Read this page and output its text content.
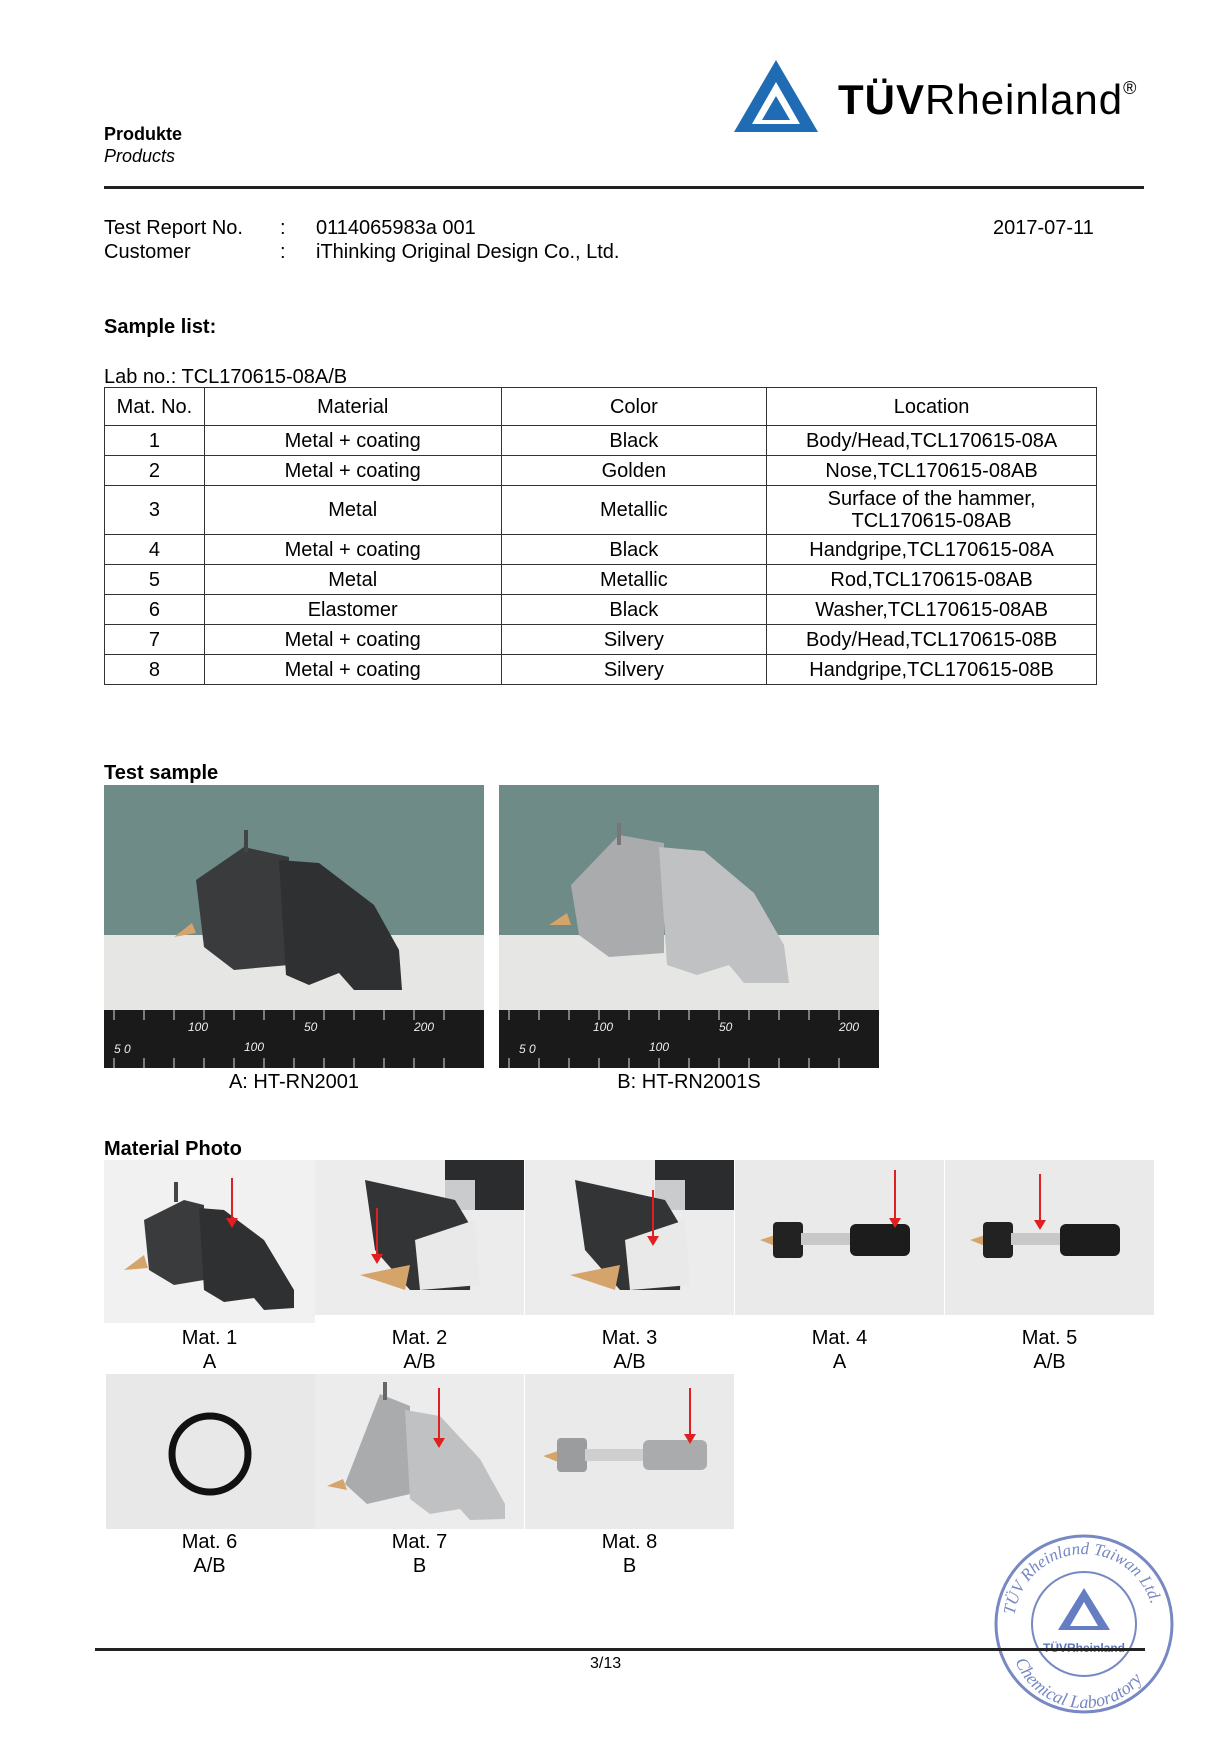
Produkte
Products
TÜVRheinland®
Test Report No. : 0114065983a 001	2017-07-11
Customer	: iThinking Original Design Co., Ltd.
Sample list:
Lab no.: TCL170615-08A/B
Mat. No.	Material	Color	Location
1	Metal + coating	Black	Body/Head,TCL170615-08A
2	Metal + coating	Golden	Nose,TCL170615-08AB
3	Metal	Metallic	Surface of the hammer,
TCL170615-08AB
4	Metal + coating	Black	Handgripe,TCL170615-08A
5	Metal	Metallic	Rod,TCL170615-08AB
6	Elastomer	Black	Washer,TCL170615-08AB
7	Metal + coating	Silvery	Body/Head,TCL170615-08B
8	Metal + coating	Silvery	Handgripe,TCL170615-08B
Test sample
100	200
50
5 0	100
100	200
50
5 0	100
A: HT-RN2001	B: HT-RN2001S
Material Photo
Mat. 1
A
Mat. 2
A/B
Mat. 3
A/B
Mat. 4
A
Mat. 5
A/B
Mat. 6
A/B
Mat. 7
B
Mat. 8
B
TÜV Rheinland Taiwan Ltd.
Chemical Laboratory
3/13
